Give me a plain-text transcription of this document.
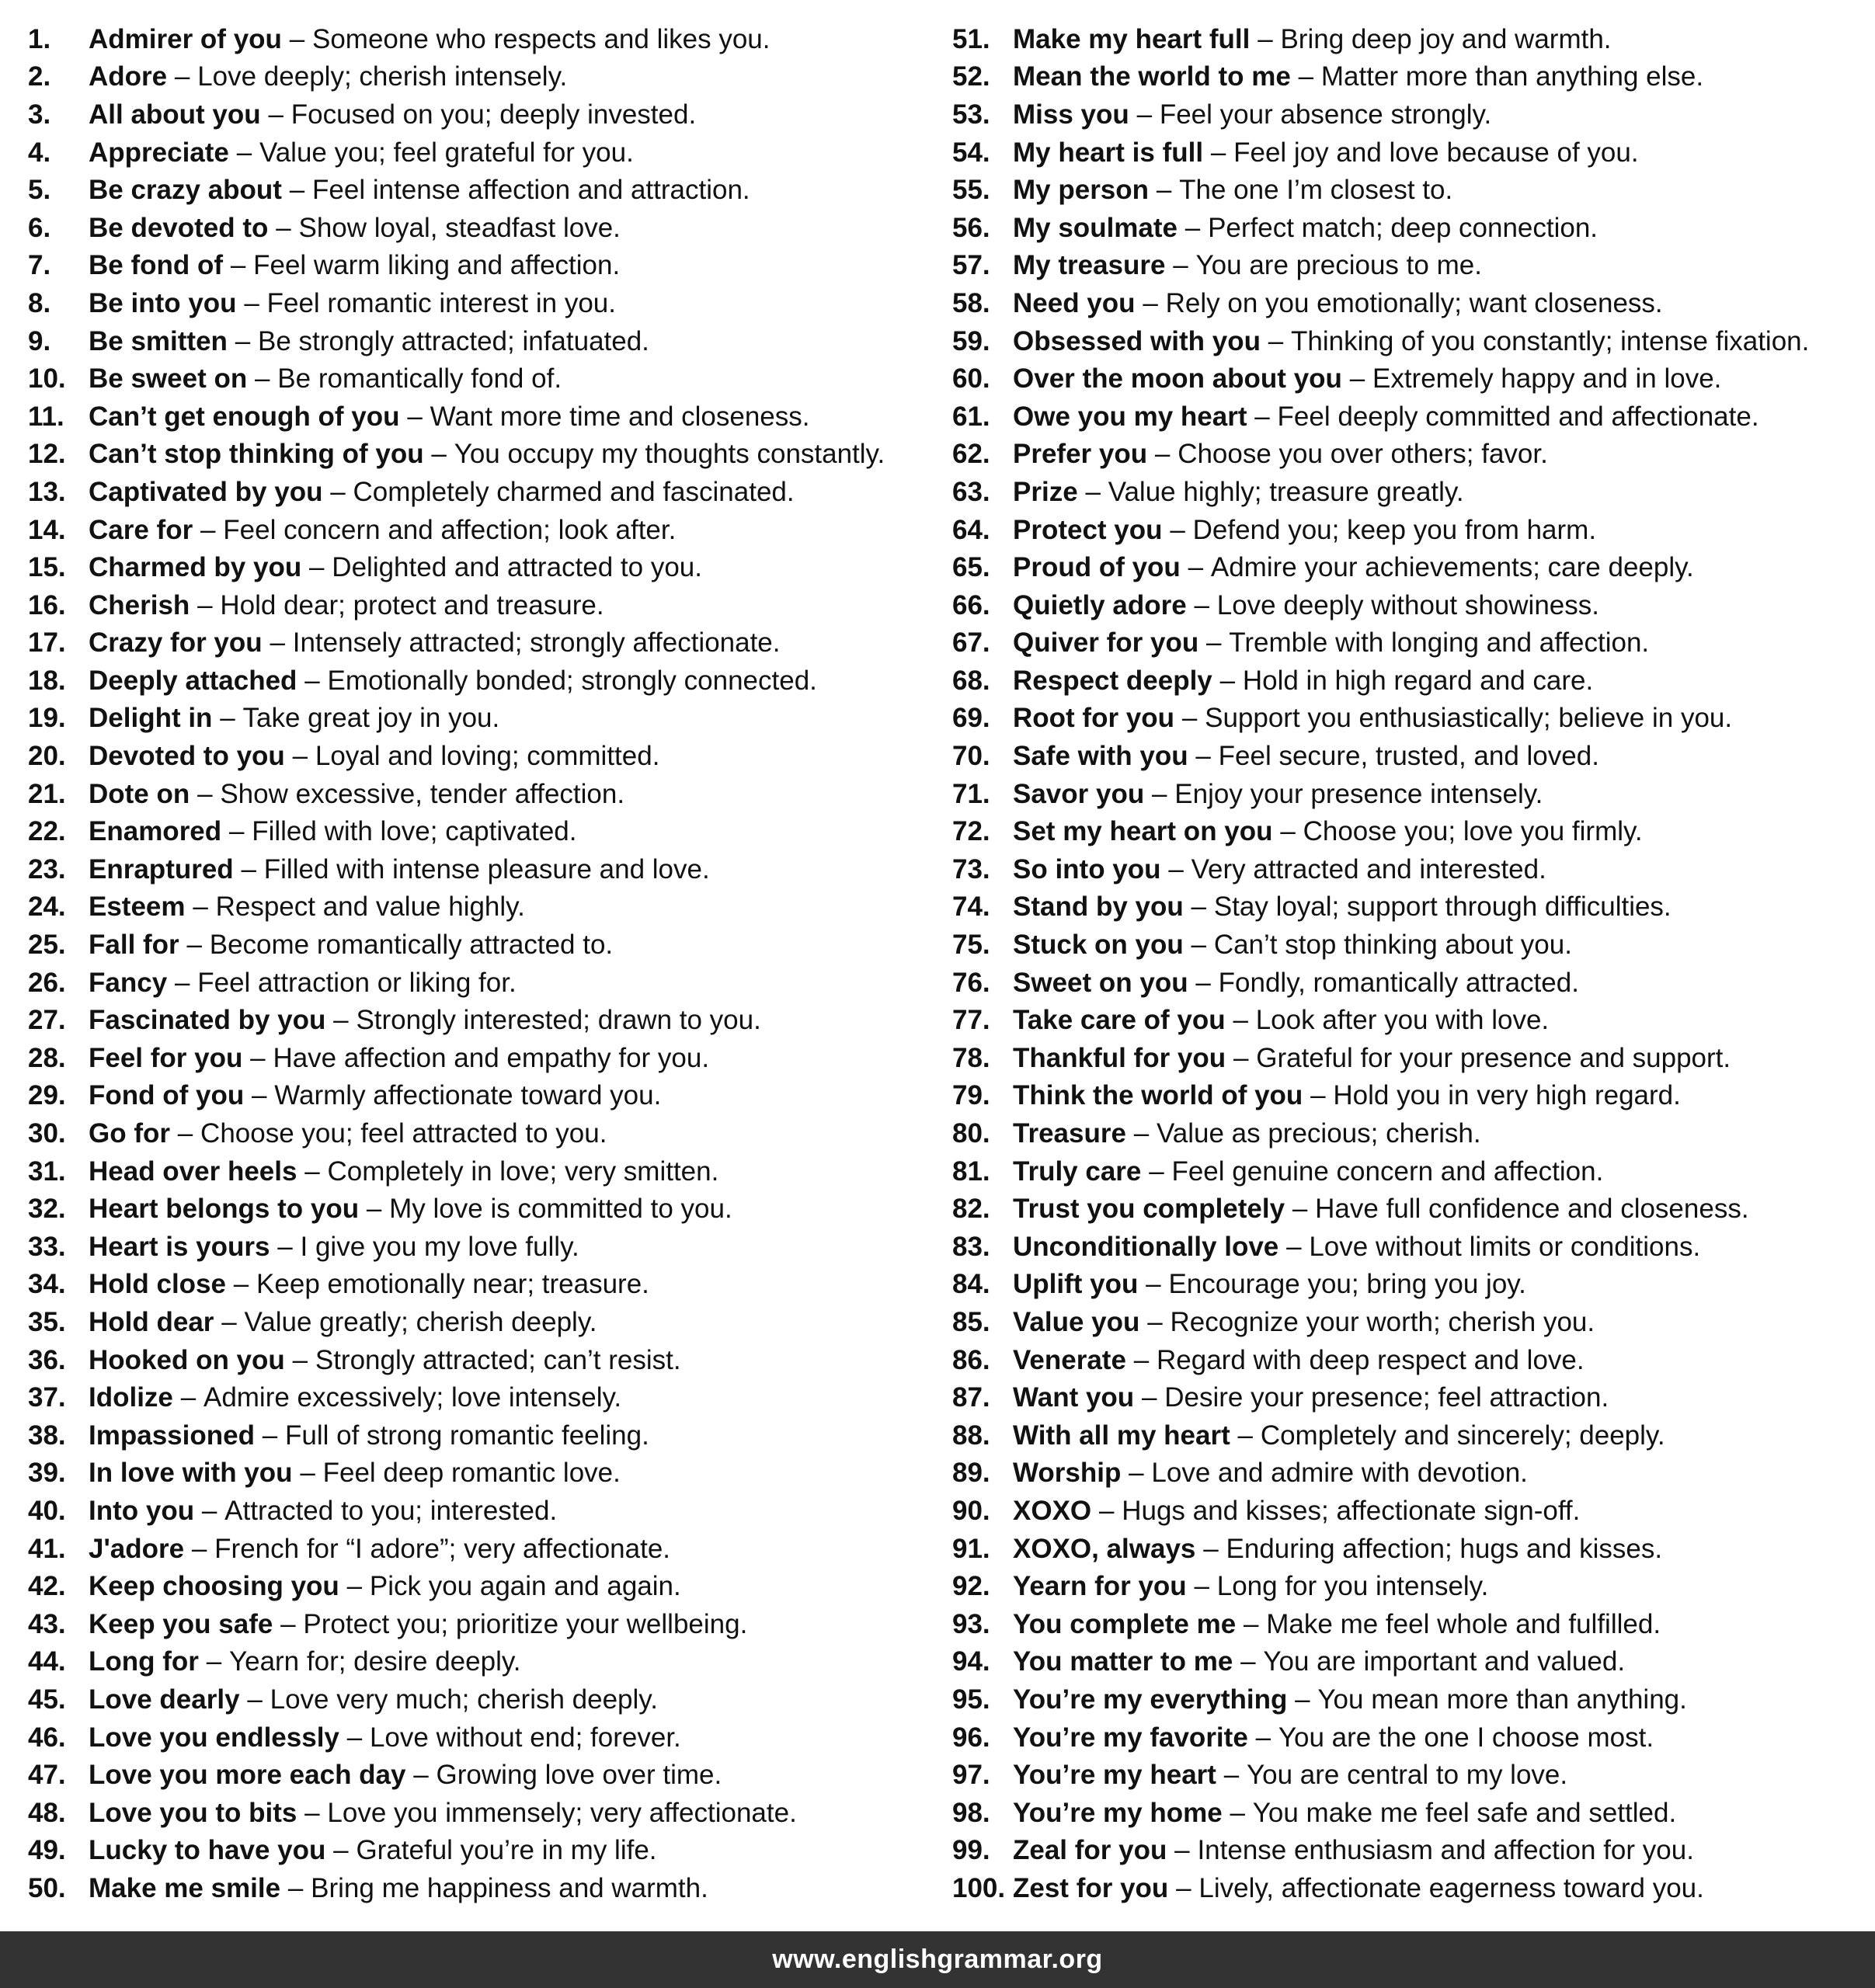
1.	Admirer of you – Someone who respects and likes you.
2.	Adore – Love deeply; cherish intensely.
3.	All about you – Focused on you; deeply invested.
4.	Appreciate – Value you; feel grateful for you.
5.	Be crazy about – Feel intense affection and attraction.
6.	Be devoted to – Show loyal, steadfast love.
7.	Be fond of – Feel warm liking and affection.
8.	Be into you – Feel romantic interest in you.
9.	Be smitten – Be strongly attracted; infatuated.
10. Be sweet on – Be romantically fond of.
11. Can’t get enough of you – Want more time and closeness.
12. Can’t stop thinking of you – You occupy my thoughts constantly.
13. Captivated by you – Completely charmed and fascinated.
14. Care for – Feel concern and affection; look after.
15. Charmed by you – Delighted and attracted to you.
16. Cherish – Hold dear; protect and treasure.
17. Crazy for you – Intensely attracted; strongly affectionate.
18. Deeply attached – Emotionally bonded; strongly connected.
19. Delight in – Take great joy in you.
20. Devoted to you – Loyal and loving; committed.
21. Dote on – Show excessive, tender affection.
22. Enamored – Filled with love; captivated.
23. Enraptured – Filled with intense pleasure and love.
24. Esteem – Respect and value highly.
25. Fall for – Become romantically attracted to.
26. Fancy – Feel attraction or liking for.
27. Fascinated by you – Strongly interested; drawn to you.
28. Feel for you – Have affection and empathy for you.
29. Fond of you – Warmly affectionate toward you.
30. Go for – Choose you; feel attracted to you.
31. Head over heels – Completely in love; very smitten.
32. Heart belongs to you – My love is committed to you.
33. Heart is yours – I give you my love fully.
34. Hold close – Keep emotionally near; treasure.
35. Hold dear – Value greatly; cherish deeply.
36. Hooked on you – Strongly attracted; can’t resist.
37. Idolize – Admire excessively; love intensely.
38. Impassioned – Full of strong romantic feeling.
39. In love with you – Feel deep romantic love.
40. Into you – Attracted to you; interested.
41. J'adore – French for “I adore”; very affectionate.
42. Keep choosing you – Pick you again and again.
43. Keep you safe – Protect you; prioritize your wellbeing.
44. Long for – Yearn for; desire deeply.
45. Love dearly – Love very much; cherish deeply.
46. Love you endlessly – Love without end; forever.
47. Love you more each day – Growing love over time.
48. Love you to bits – Love you immensely; very affectionate.
49. Lucky to have you – Grateful you’re in my life.
50. Make me smile – Bring me happiness and warmth.
51. Make my heart full – Bring deep joy and warmth.
52. Mean the world to me – Matter more than anything else.
53. Miss you – Feel your absence strongly.
54. My heart is full – Feel joy and love because of you.
55. My person – The one I’m closest to.
56. My soulmate – Perfect match; deep connection.
57. My treasure – You are precious to me.
58. Need you – Rely on you emotionally; want closeness.
59. Obsessed with you – Thinking of you constantly; intense fixation.
60. Over the moon about you – Extremely happy and in love.
61. Owe you my heart – Feel deeply committed and affectionate.
62. Prefer you – Choose you over others; favor.
63. Prize – Value highly; treasure greatly.
64. Protect you – Defend you; keep you from harm.
65. Proud of you – Admire your achievements; care deeply.
66. Quietly adore – Love deeply without showiness.
67. Quiver for you – Tremble with longing and affection.
68. Respect deeply – Hold in high regard and care.
69. Root for you – Support you enthusiastically; believe in you.
70. Safe with you – Feel secure, trusted, and loved.
71. Savor you – Enjoy your presence intensely.
72. Set my heart on you – Choose you; love you firmly.
73. So into you – Very attracted and interested.
74. Stand by you – Stay loyal; support through difficulties.
75. Stuck on you – Can’t stop thinking about you.
76. Sweet on you – Fondly, romantically attracted.
77. Take care of you – Look after you with love.
78. Thankful for you – Grateful for your presence and support.
79. Think the world of you – Hold you in very high regard.
80. Treasure – Value as precious; cherish.
81. Truly care – Feel genuine concern and affection.
82. Trust you completely – Have full confidence and closeness.
83. Unconditionally love – Love without limits or conditions.
84. Uplift you – Encourage you; bring you joy.
85. Value you – Recognize your worth; cherish you.
86. Venerate – Regard with deep respect and love.
87. Want you – Desire your presence; feel attraction.
88. With all my heart – Completely and sincerely; deeply.
89. Worship – Love and admire with devotion.
90. XOXO – Hugs and kisses; affectionate sign-off.
91. XOXO, always – Enduring affection; hugs and kisses.
92. Yearn for you – Long for you intensely.
93. You complete me – Make me feel whole and fulfilled.
94. You matter to me – You are important and valued.
95. You’re my everything – You mean more than anything.
96. You’re my favorite – You are the one I choose most.
97. You’re my heart – You are central to my love.
98. You’re my home – You make me feel safe and settled.
99. Zeal for you – Intense enthusiasm and affection for you.
100. Zest for you – Lively, affectionate eagerness toward you.
www.englishgrammar.org
